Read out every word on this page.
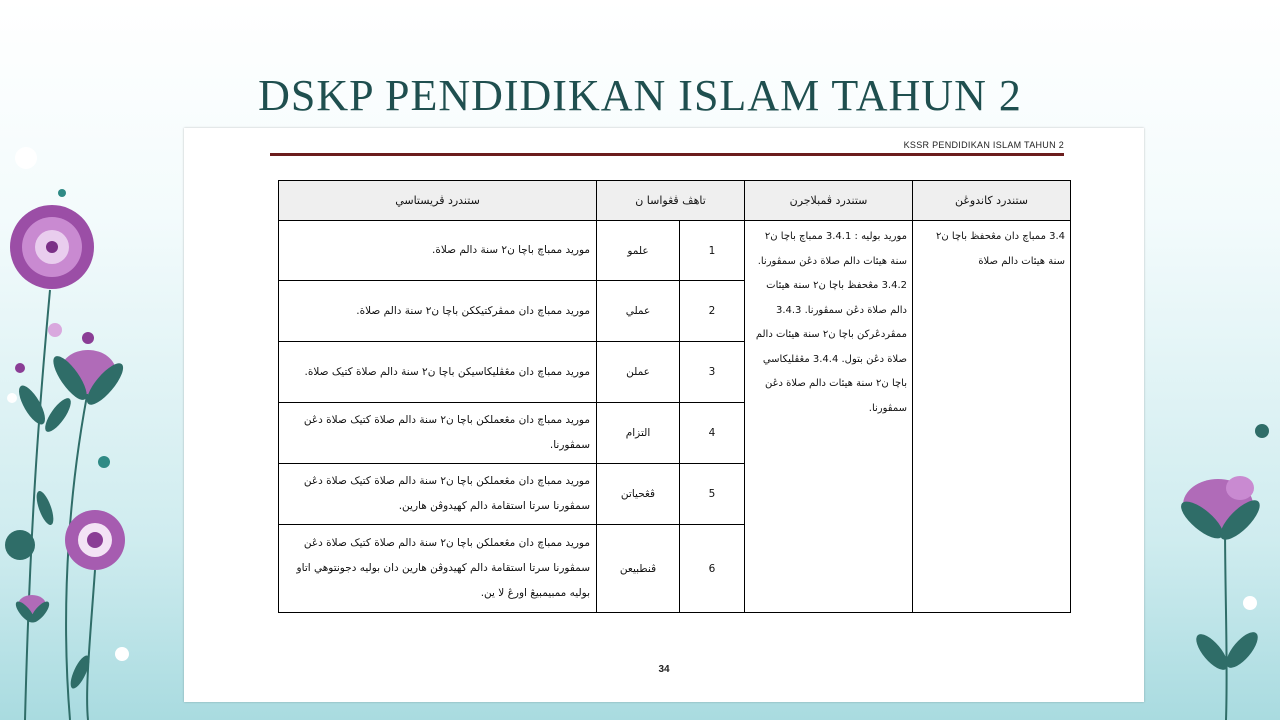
DSKP PENDIDIKAN ISLAM TAHUN 2
KSSR PENDIDIKAN ISLAM TAHUN 2
ستندرد ڤريستاسي	تاهڤ ڤڠواسا ن		ستندرد ڤمبلاجرن	ستندرد کاندوڠن
موريد ممباچ باچا ن۲ سنة دالم صلاة.	علمو	1	موريد بوليه : 3.4.1 ممباچ باچا ن۲ سنة هيئات دالم صلاة دڠن سمڤورنا. 3.4.2 مڠحفظ باچا ن۲ سنة هيئات دالم صلاة دڠن سمڤورنا. 3.4.3 ممڤردڠركن باچا ن۲ سنة هيئات دالم صلاة دڠن بتول. 3.4.4 مڠڤليکاسي باچا ن۲ سنة هيئات دالم صلاة دڠن سمڤورنا.	3.4 ممباچ دان مڠحفظ باچا ن۲ سنة هيئات دالم صلاة
موريد ممباچ دان ممڤرکتيککن باچا ن۲ سنة دالم صلاة.	عملي	2		
موريد ممباچ دان مڠڤليکاسيکن باچا ن۲ سنة دالم صلاة کتيک صلاة.	عملن	3		
موريد ممباچ دان مڠعملکن باچا ن۲ سنة دالم صلاة کتيک صلاة دڠن سمڤورنا.	التزام	4		
موريد ممباچ دان مڠعملکن باچا ن۲ سنة دالم صلاة کتيک صلاة دڠن سمڤورنا سرتا استقامة دالم کهيدوڤن هارين.	ڤڠحياتن	5		
موريد ممباچ دان مڠعملکن باچا ن۲ سنة دالم صلاة کتيک صلاة دڠن سمڤورنا سرتا استقامة دالم کهيدوڤن هارين دان بوليه دجونتوهي اتاو بوليه ممبيمبيڠ اورڠ لا ين.	ڤنطبيعن	6		
34
